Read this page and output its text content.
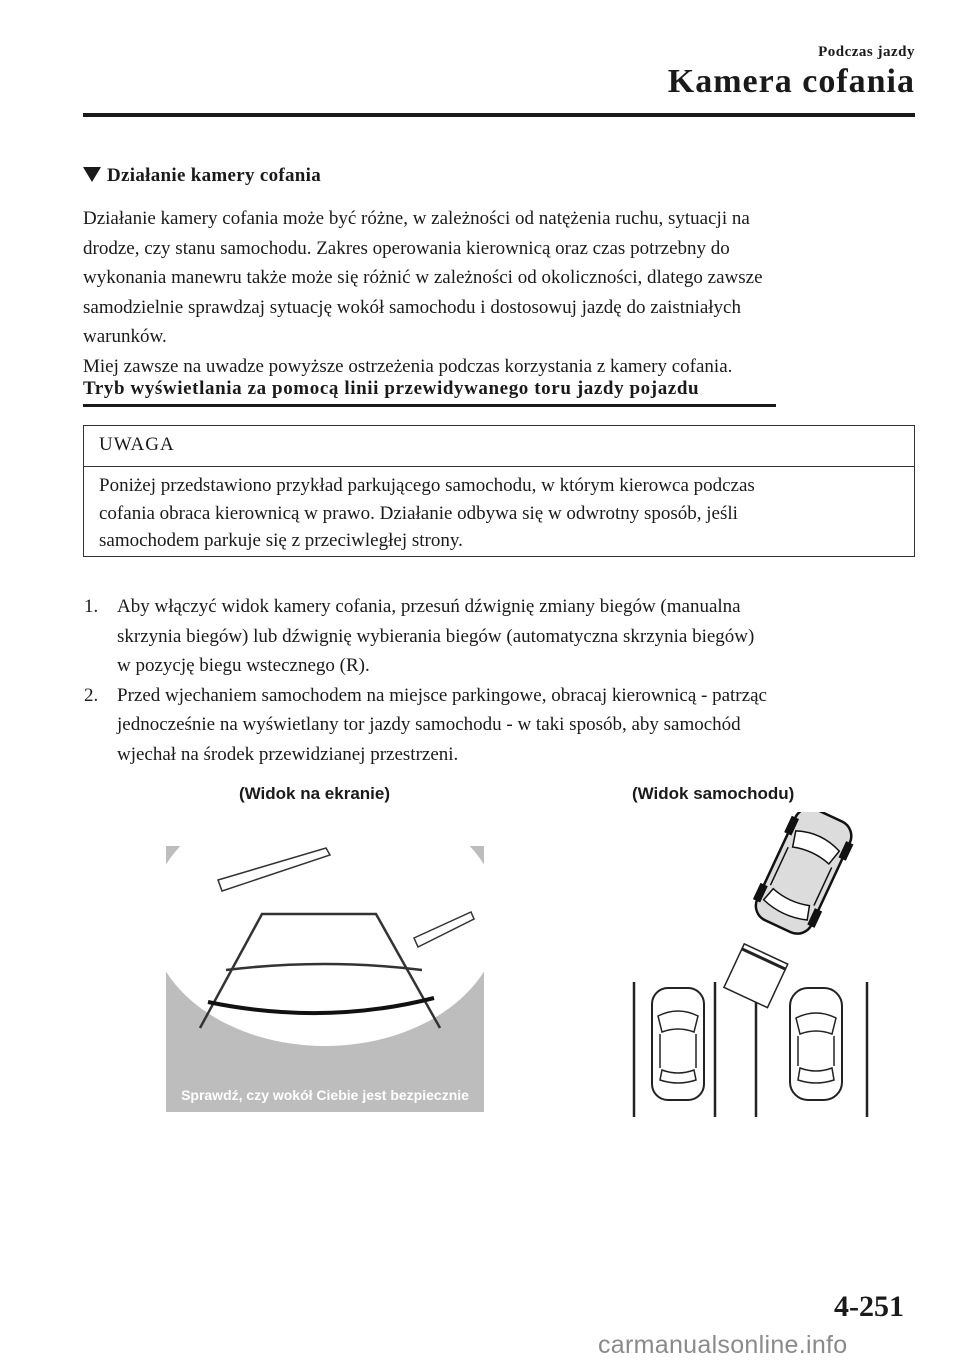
Podczas jazdy
Kamera cofania
Działanie kamery cofania

Działanie kamery cofania może być różne, w zależności od natężenia ruchu, sytuacji na

drodze, czy stanu samochodu. Zakres operowania kierownicą oraz czas potrzebny do

wykonania manewru także może się różnić w zależności od okoliczności, dlatego zawsze

samodzielnie sprawdzaj sytuację wokół samochodu i dostosowuj jazdę do zaistniałych

warunków.

Miej zawsze na uwadze powyższe ostrzeżenia podczas korzystania z kamery cofania.

Tryb wyświetlania za pomocą linii przewidywanego toru jazdy pojazdu
UWAGA
Poniżej przedstawiono przykład parkującego samochodu, w którym kierowca podczas
cofania obraca kierownicą w prawo. Działanie odbywa się w odwrotny sposób, jeśli
samochodem parkuje się z przeciwległej strony.
1. Aby włączyć widok kamery cofania, przesuń dźwignię zmiany biegów (manualna
skrzynia biegów) lub dźwignię wybierania biegów (automatyczna skrzynia biegów)
w pozycję biegu wstecznego (R).
2. Przed wjechaniem samochodem na miejsce parkingowe, obracaj kierownicą - patrząc
jednocześnie na wyświetlany tor jazdy samochodu - w taki sposób, aby samochód
wjechał na środek przewidzianej przestrzeni.
(Widok na ekranie)	(Widok samochodu)
Sprawdź, czy wokół Ciebie jest bezpiecznie
4-251
carmanualsonline.info
